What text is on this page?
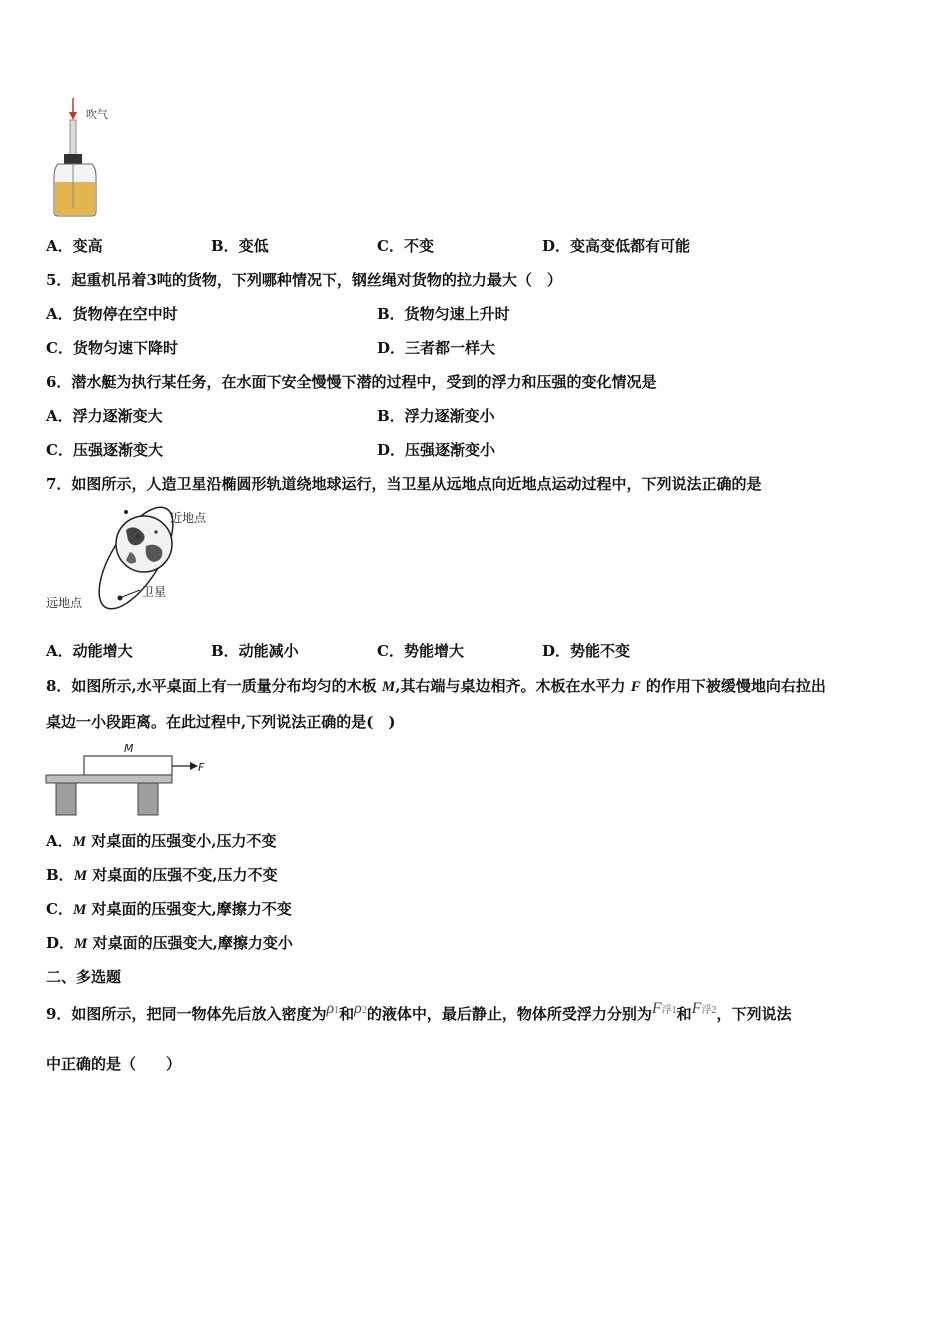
吹气
A．变高	B．变低	C．不变	D．变高变低都有可能
5．起重机吊着3吨的货物，下列哪种情况下，钢丝绳对货物的拉力最大（　）
A．货物停在空中时	B．货物匀速上升时
C．货物匀速下降时	D．三者都一样大
6．潜水艇为执行某任务，在水面下安全慢慢下潜的过程中，受到的浮力和压强的变化情况是
A．浮力逐渐变大	B．浮力逐渐变小
C．压强逐渐变大	D．压强逐渐变小
7．如图所示，人造卫星沿椭圆形轨道绕地球运行，当卫星从远地点向近地点运动过程中，下列说法正确的是
近地点
远地点
卫星
A．动能增大	B．动能减小	C．势能增大	D．势能不变
8．如图所示,水平桌面上有一质量分布均匀的木板 M,其右端与桌边相齐。木板在水平力 F 的作用下被缓慢地向右拉出
桌边一小段距离。在此过程中,下列说法正确的是(　)
M
F
A．M 对桌面的压强变小,压力不变
B．M 对桌面的压强不变,压力不变
C．M 对桌面的压强变大,摩擦力不变
D．M 对桌面的压强变大,摩擦力变小
二、多选题
9．如图所示，把同一物体先后放入密度为ρ1和ρ2的液体中，最后静止，物体所受浮力分别为F浮1和F浮2，下列说法
中正确的是（　　）
